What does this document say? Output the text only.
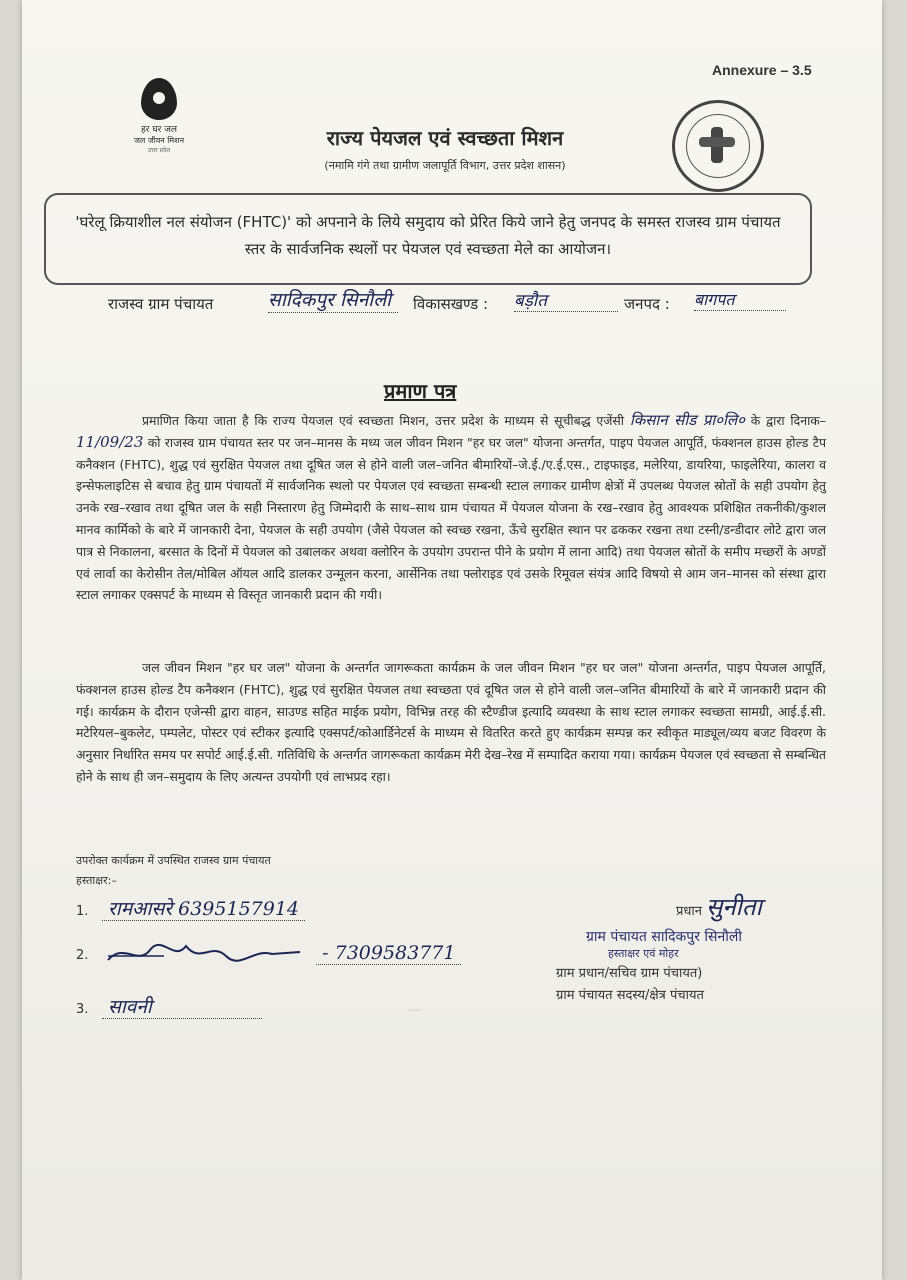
Annexure – 3.5
हर घर जल
जल जीवन मिशन
उत्तर प्रदेश
राज्य पेयजल एवं स्वच्छता मिशन
(नमामि गंगे तथा ग्रामीण जलापूर्ति विभाग, उत्तर प्रदेश शासन)
'घरेलू क्रियाशील नल संयोजन (FHTC)' को अपनाने के लिये समुदाय को प्रेरित किये जाने हेतु जनपद के समस्त राजस्व ग्राम पंचायत स्तर के सार्वजनिक स्थलों पर पेयजल एवं स्वच्छता मेले का आयोजन।
राजस्व ग्राम पंचायत	सादिकपुर सिनौली	विकासखण्ड : बड़ौत	जनपद : बागपत
प्रमाण पत्र
प्रमाणित किया जाता है कि राज्य पेयजल एवं स्वच्छता मिशन, उत्तर प्रदेश के माध्यम से सूचीबद्ध एजेंसी किसान सीड प्रा०लि० के द्वारा दिनाक– 11/09/23 को राजस्व ग्राम पंचायत स्तर पर जन–मानस के मध्य जल जीवन मिशन "हर घर जल" योजना अन्तर्गत, पाइप पेयजल आपूर्ति, फंक्शनल हाउस होल्ड टैप कनैक्शन (FHTC), शुद्ध एवं सुरक्षित पेयजल तथा दूषित जल से होने वाली जल–जनित बीमारियों–जे.ई./ए.ई.एस., टाइफाइड, मलेरिया, डायरिया, फाइलेरिया, कालरा व इन्सेफलाइटिस से बचाव हेतु ग्राम पंचायतों में सार्वजनिक स्थलो पर पेयजल एवं स्वच्छता सम्बन्धी स्टाल लगाकर ग्रामीण क्षेत्रों में उपलब्ध पेयजल स्रोतों के सही उपयोग हेतु उनके रख–रखाव तथा दूषित जल के सही निस्तारण हेतु जिम्मेदारी के साथ–साथ ग्राम पंचायत में पेयजल योजना के रख–रखाव हेतु आवश्यक प्रशिक्षित तकनीकी/कुशल मानव कार्मिको के बारे में जानकारी देना, पेयजल के सही उपयोग (जैसे पेयजल को स्वच्छ रखना, ऊँचे सुरक्षित स्थान पर ढककर रखना तथा टस्नी/डन्डीदार लोटे द्वारा जल पात्र से निकालना, बरसात के दिनों में पेयजल को उबालकर अथवा क्लोरिन के उपयोग उपरान्त पीने के प्रयोग में लाना आदि) तथा पेयजल स्रोतों के समीप मच्छरों के अण्डों एवं लार्वा का केरोसीन तेल/मोबिल ऑयल आदि डालकर उन्मूलन करना, आर्सेनिक तथा फ्लोराइड एवं उसके रिमूवल संयंत्र आदि विषयो से आम जन–मानस को संस्था द्वारा स्टाल लगाकर एक्सपर्ट के माध्यम से विस्तृत जानकारी प्रदान की गयी।
जल जीवन मिशन "हर घर जल" योजना के अन्तर्गत जागरूकता कार्यक्रम के जल जीवन मिशन "हर घर जल" योजना अन्तर्गत, पाइप पेयजल आपूर्ति, फंक्शनल हाउस होल्ड टैप कनैक्शन (FHTC), शुद्ध एवं सुरक्षित पेयजल तथा स्वच्छता एवं दूषित जल से होने वाली जल–जनित बीमारियों के बारे में जानकारी प्रदान की गई। कार्यक्रम के दौरान एजेन्सी द्वारा वाहन, साउण्ड सहित माईक प्रयोग, विभिन्न तरह की स्टैण्डीज इत्यादि व्यवस्था के साथ स्टाल लगाकर स्वच्छता सामग्री, आई.ई.सी. मटेरियल–बुकलेट, पम्पलेट, पोस्टर एवं स्टीकर इत्यादि एक्सपर्ट/कोआर्डिनेटर्स के माध्यम से वितरित करते हुए कार्यक्रम सम्पन्न कर स्वीकृत माड्यूल/व्यय बजट विवरण के अनुसार निर्धारित समय पर सपोर्ट आई.ई.सी. गतिविधि के अन्तर्गत जागरूकता कार्यक्रम मेरी देख–रेख में सम्पादित कराया गया। कार्यक्रम पेयजल एवं स्वच्छता से सम्बन्धित होने के साथ ही जन–समुदाय के लिए अत्यन्त उपयोगी एवं लाभप्रद रहा।
उपरोक्त कार्यक्रम में उपस्थित राजस्व ग्राम पंचायत
हस्ताक्षर:–
1. रामआसरे 6395157914
2.	- 7309583771
3. सावनी	·····
प्रधान सुनीता
ग्राम पंचायत सादिकपुर सिनौली
हस्ताक्षर एवं मोहर
ग्राम प्रधान/सचिव ग्राम पंचायत)
ग्राम पंचायत सदस्य/क्षेत्र पंचायत
